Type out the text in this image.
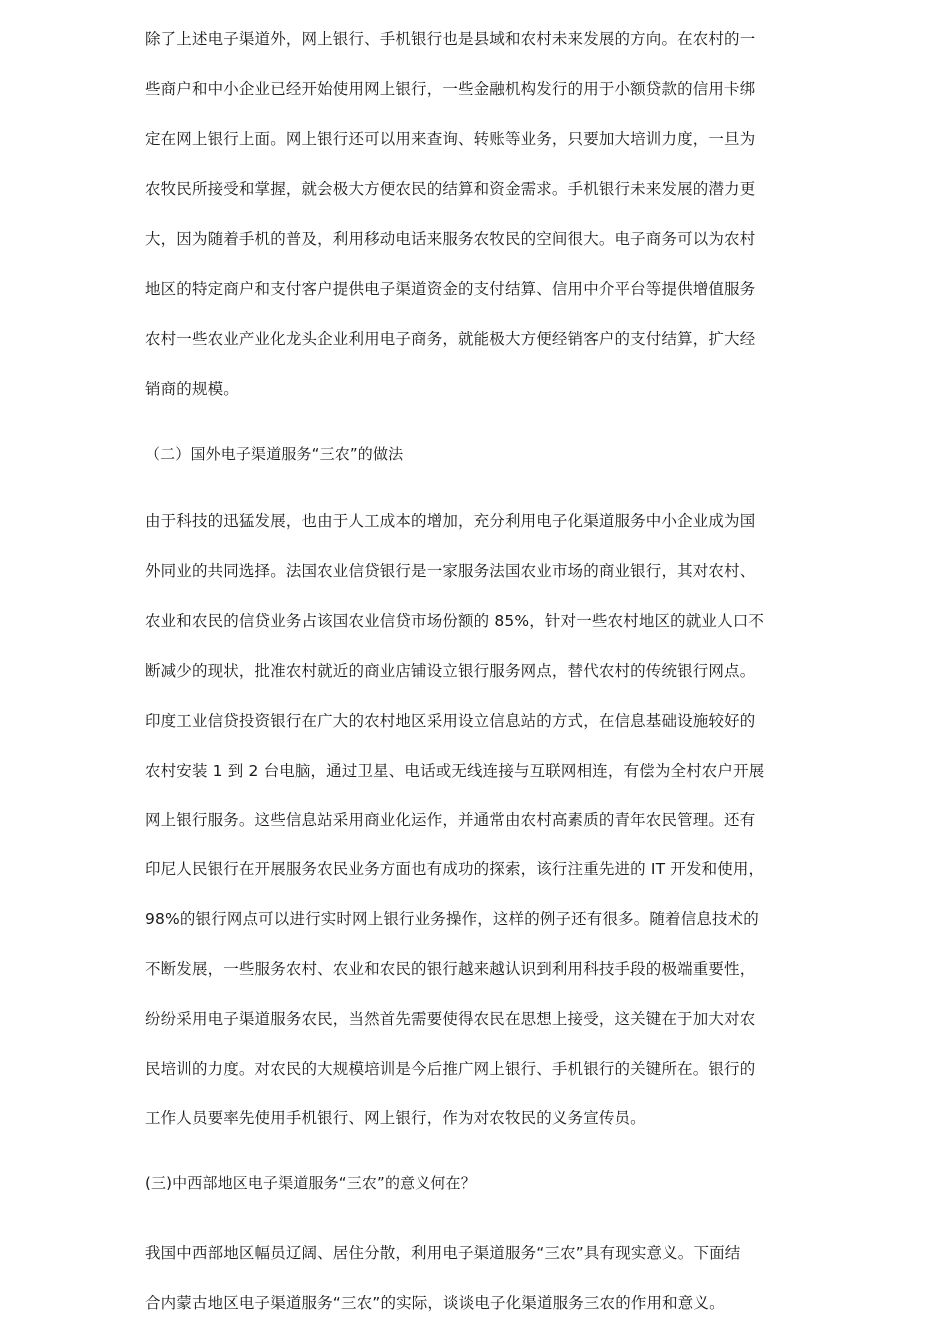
除了上述电子渠道外，网上银行、手机银行也是县域和农村未来发展的方向。在农村的一
些商户和中小企业已经开始使用网上银行，一些金融机构发行的用于小额贷款的信用卡绑
定在网上银行上面。网上银行还可以用来查询、转账等业务，只要加大培训力度，一旦为
农牧民所接受和掌握，就会极大方便农民的结算和资金需求。手机银行未来发展的潜力更
大，因为随着手机的普及，利用移动电话来服务农牧民的空间很大。电子商务可以为农村
地区的特定商户和支付客户提供电子渠道资金的支付结算、信用中介平台等提供增值服务
农村一些农业产业化龙头企业利用电子商务，就能极大方便经销客户的支付结算，扩大经
销商的规模。
（二）国外电子渠道服务“三农”的做法
由于科技的迅猛发展，也由于人工成本的增加，充分利用电子化渠道服务中小企业成为国
外同业的共同选择。法国农业信贷银行是一家服务法国农业市场的商业银行，其对农村、
农业和农民的信贷业务占该国农业信贷市场份额的 85%，针对一些农村地区的就业人口不
断减少的现状，批准农村就近的商业店铺设立银行服务网点，替代农村的传统银行网点。
印度工业信贷投资银行在广大的农村地区采用设立信息站的方式，在信息基础设施较好的
农村安装 1 到 2 台电脑，通过卫星、电话或无线连接与互联网相连，有偿为全村农户开展
网上银行服务。这些信息站采用商业化运作，并通常由农村高素质的青年农民管理。还有
印尼人民银行在开展服务农民业务方面也有成功的探索，该行注重先进的 IT 开发和使用，
98%的银行网点可以进行实时网上银行业务操作，这样的例子还有很多。随着信息技术的
不断发展，一些服务农村、农业和农民的银行越来越认识到利用科技手段的极端重要性，
纷纷采用电子渠道服务农民，当然首先需要使得农民在思想上接受，这关键在于加大对农
民培训的力度。对农民的大规模培训是今后推广网上银行、手机银行的关键所在。银行的
工作人员要率先使用手机银行、网上银行，作为对农牧民的义务宣传员。
(三)中西部地区电子渠道服务“三农”的意义何在？
我国中西部地区幅员辽阔、居住分散，利用电子渠道服务“三农”具有现实意义。下面结
合内蒙古地区电子渠道服务“三农”的实际，谈谈电子化渠道服务三农的作用和意义。
